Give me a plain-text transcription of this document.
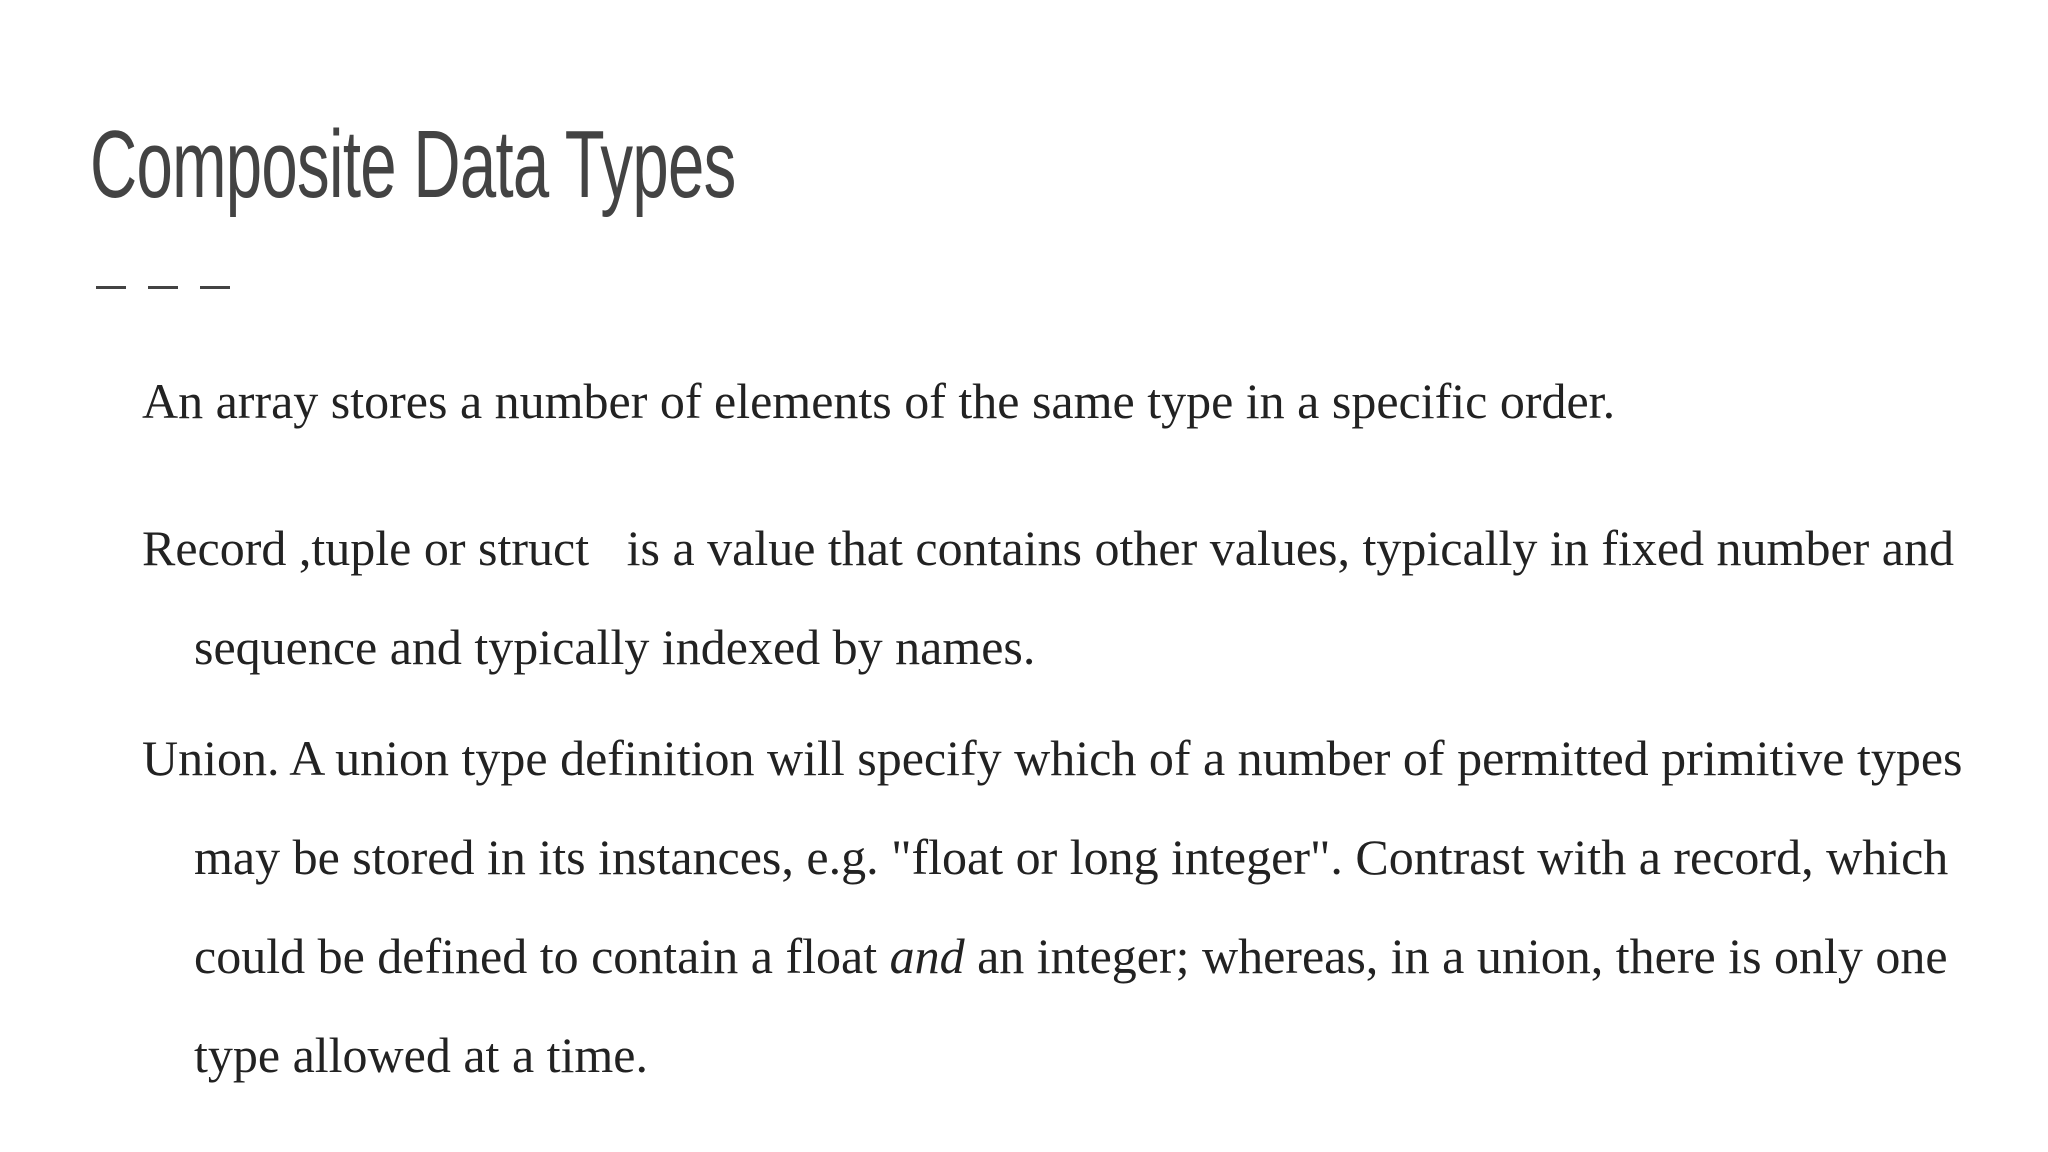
Composite Data Types

An array stores a number of elements of the same type in a specific order.

Record ,tuple or struct   is a value that contains other values, typically in fixed number and sequence and typically indexed by names.

Union. A union type definition will specify which of a number of permitted primitive types may be stored in its instances, e.g. "float or long integer". Contrast with a record, which could be defined to contain a float and an integer; whereas, in a union, there is only one type allowed at a time.
